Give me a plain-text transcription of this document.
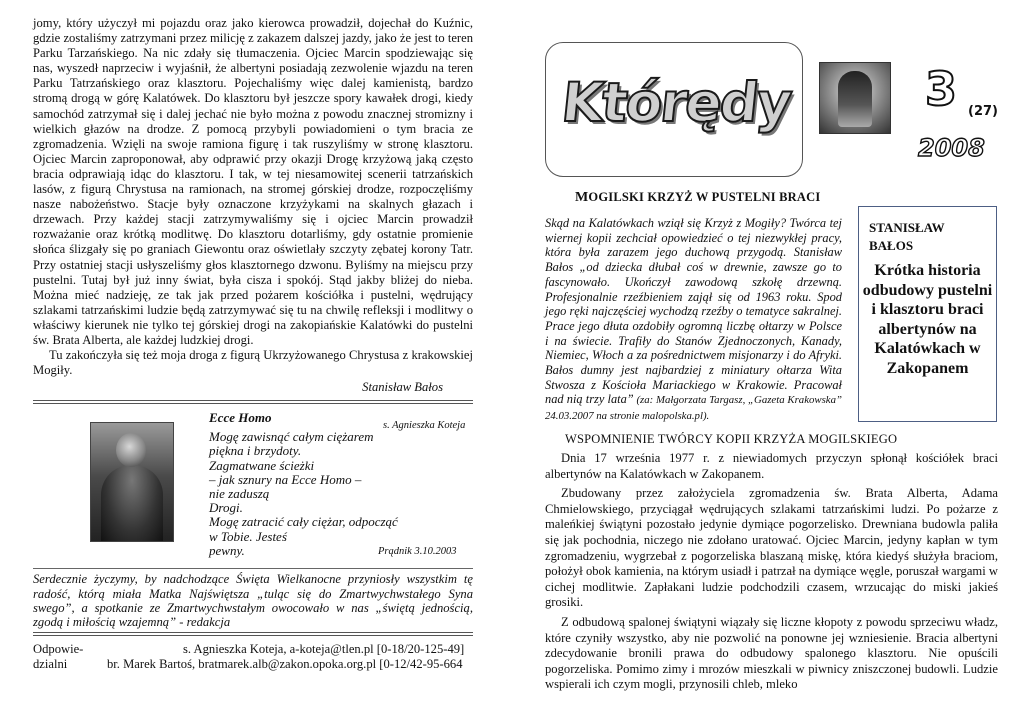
jomy, który użyczył mi pojazdu oraz jako kierowca prowadził, dojechał do Kuźnic, gdzie zostaliśmy zatrzymani przez milicję z zakazem dalszej jazdy, jako że jest to teren Parku Tarzańskiego. Na nic zdały się tłumaczenia. Ojciec Marcin spodziewając się nas, wyszedł naprzeciw i wyjaśnił, że albertyni posiadają zezwolenie wjazdu na teren Parku Tatrzańskiego oraz klasztoru. Pojechaliśmy więc dalej kamienistą, bardzo stromą drogą w górę Kalatówek. Do klasztoru był jeszcze spory kawałek drogi, kiedy samochód zatrzymał się i dalej jechać nie było można z powodu znacznej stromizny i wielkich głazów na drodze. Z pomocą przybyli powiadomieni o tym bracia ze zgromadzenia. Wzięli na swoje ramiona figurę i tak ruszyliśmy w stronę klasztoru. Ojciec Marcin zaproponował, aby odprawić przy okazji Drogę krzyżową jaką często bracia odprawiają idąc do klasztoru. I tak, w tej niesamowitej scenerii tatrzańskich lasów, z figurą Chrystusa na ramionach, na stromej górskiej drodze, rozpoczęliśmy nasze nabożeństwo. Stacje były oznaczone krzyżykami na skalnych głazach i drzewach. Przy każdej stacji zatrzymywaliśmy się i ojciec Marcin prowadził rozważanie oraz krótką modlitwę. Do klasztoru dotarliśmy, gdy ostatnie promienie słońca ślizgały się po graniach Giewontu oraz oświetlały szczyty zębatej korony Tatr. Przy ostatniej stacji usłyszeliśmy głos klasztornego dzwonu. Byliśmy na miejscu przy pustelni. Tutaj był już inny świat, była cisza i spokój. Stąd jakby bliżej do nieba. Można mieć nadzieję, ze tak jak przed pożarem kościółka i pustelni, wędrujący szlakami tatrzańskimi ludzie będą zatrzymywać się tu na chwilę refleksji i modlitwy o właściwy kierunek nie tylko tej górskiej drogi na zakopiańskie Kalatówki do pustelni św. Brata Alberta, ale każdej ludzkiej drogi.

Tu zakończyła się też moja droga z figurą Ukrzyżowanego Chrystusa z krakowskiej Mogiły.

Stanisław Bałos
Ecce Homo
s. Agnieszka Koteja
Mogę zawisnąć całym ciężarem
piękna i brzydoty.
Zagmatwane ścieżki
– jak sznury na Ecce Homo –
nie zaduszą
Drogi.
Mogę zatracić cały ciężar, odpocząć
w Tobie. Jesteś
pewny.	Prądnik 3.10.2003

Serdecznie życzymy, by nadchodzące Święta Wielkanocne przyniosły wszystkim tę radość, którą miała Matka Najświętsza „tuląc się do Zmartwychwstałego Syna swego”, a spotkanie ze Zmartwychwstałym owocowało w nas „świętą jednością, zgodą i miłością wzajemną” - redakcja

Odpowie-
dzialni
s. Agnieszka Koteja, a-koteja@tlen.pl [0-18/20-125-49]
br. Marek Bartoś, bratmarek.alb@zakon.opoka.org.pl [0-12/42-95-664
Którędy	3 (27)
2008
MOGILSKI KRZYŻ W PUSTELNI BRACI
Skąd na Kalatówkach wziął się Krzyż z Mogiły? Twórca tej wiernej kopii zechciał opowiedzieć o tej niezwykłej pracy, która była zarazem jego duchową przygodą. Stanisław Bałos „od dziecka dłubał coś w drewnie, zawsze go to fascynowało. Ukończył zawodową szkołę drzewną. Profesjonalnie rzeźbieniem zajął się od 1963 roku. Spod jego ręki najczęściej wychodzą rzeźby o tematyce sakralnej. Prace jego dłuta ozdobiły ogromną liczbę ołtarzy w Polsce i na świecie. Trafiły do Stanów Zjednoczonych, Kanady, Niemiec, Włoch a za pośrednictwem misjonarzy i do Afryki. Bałos dumny jest najbardziej z miniatury ołtarza Wita Stwosza z Kościoła Mariackiego w Krakowie. Pracował nad nią trzy lata” (za: Małgorzata Targasz, „Gazeta Krakowska” 24.03.2007 na stronie malopolska.pl).
STANISŁAW
BAŁOS
Krótka historia odbudowy pustelni i klasztoru braci albertynów na Kalatówkach w Zakopanem
WSPOMNIENIE TWÓRCY KOPII KRZYŻA MOGILSKIEGO

Dnia 17 września 1977 r. z niewiadomych przyczyn spłonął kościółek braci albertynów na Kalatówkach w Zakopanem.

Zbudowany przez założyciela zgromadzenia św. Brata Alberta, Adama Chmielowskiego, przyciągał wędrujących szlakami tatrzańskimi ludzi. Po pożarze z maleńkiej świątyni pozostało jedynie dymiące pogorzelisko. Drewniana budowla paliła się jak pochodnia, niczego nie zdołano uratować. Ojciec Marcin, jedyny kapłan w tym zgromadzeniu, wygrzebał z pogorzeliska blaszaną miskę, która kiedyś służyła braciom, położył obok kamienia, na którym usiadł i patrzał na dymiące węgle, poruszał wargami w cichej modlitwie. Zapłakani ludzie podchodzili czasem, wrzucając do miski jakieś grosiki.

Z odbudową spalonej świątyni wiązały się liczne kłopoty z powodu sprzeciwu władz, które czyniły wszystko, aby nie pozwolić na ponowne jej wzniesienie. Bracia albertyni zdecydowanie bronili prawa do odbudowy spalonego klasztoru. Nie opuścili pogorzeliska. Pomimo zimy i mrozów mieszkali w piwnicy zniszczonej budowli. Ludzie wspierali ich czym mogli, przynosili chleb, mleko
